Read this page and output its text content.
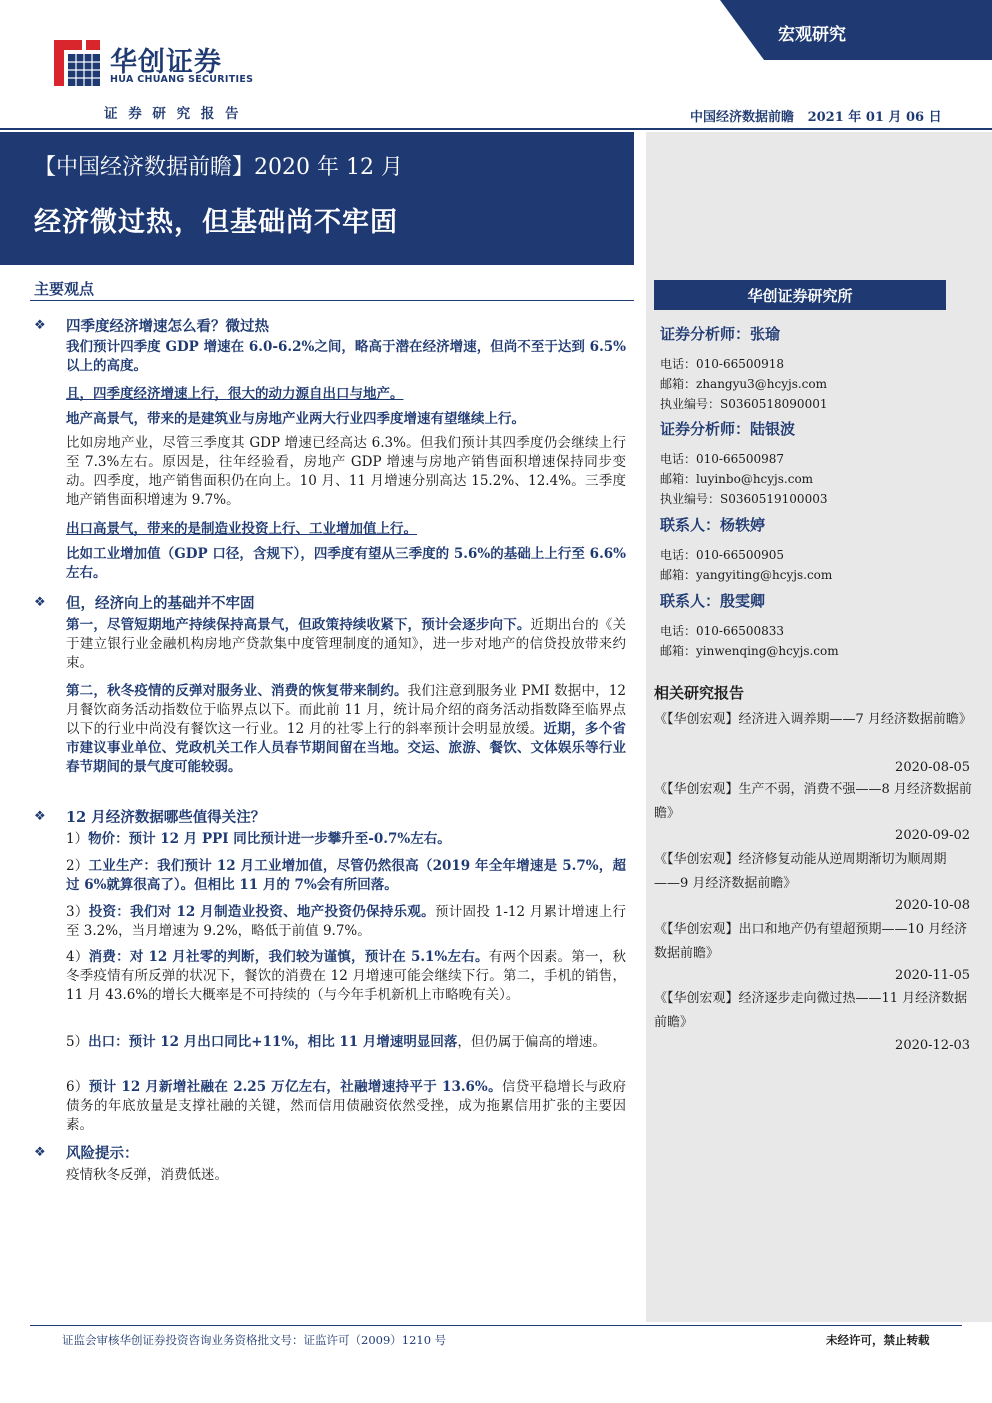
华创证券
HUA CHUANG SECURITIES
证 券 研 究 报 告
宏观研究
中国经济数据前瞻 2021 年 01 月 06 日
【中国经济数据前瞻】2020 年 12 月
经济微过热，但基础尚不牢固
华创证券研究所
证券分析师：张瑜
电话：010-66500918
邮箱：zhangyu3@hcyjs.com
执业编号：S0360518090001
证券分析师：陆银波
电话：010-66500987
邮箱：luyinbo@hcyjs.com
执业编号：S0360519100003
联系人：杨轶婷
电话：010-66500905
邮箱：yangyiting@hcyjs.com
联系人：殷雯卿
电话：010-66500833
邮箱：yinwenqing@hcyjs.com
相关研究报告
《【华创宏观】经济进入调养期——7 月经济数据前瞻》
2020-08-05
《【华创宏观】生产不弱，消费不强——8 月经济数据前瞻》
2020-09-02
《【华创宏观】经济修复动能从逆周期渐切为顺周期——9 月经济数据前瞻》
2020-10-08
《【华创宏观】出口和地产仍有望超预期——10 月经济数据前瞻》
2020-11-05
《【华创宏观】经济逐步走向微过热——11 月经济数据前瞻》
2020-12-03
主要观点
❖ 四季度经济增速怎么看？微过热
我们预计四季度 GDP 增速在 6.0-6.2%之间，略高于潜在经济增速，但尚不至于达到 6.5%以上的高度。
且，四季度经济增速上行，很大的动力源自出口与地产。
地产高景气，带来的是建筑业与房地产业两大行业四季度增速有望继续上行。
比如房地产业，尽管三季度其 GDP 增速已经高达 6.3%。但我们预计其四季度仍会继续上行至 7.3%左右。原因是，往年经验看，房地产 GDP 增速与房地产销售面积增速保持同步变动。四季度，地产销售面积仍在向上。10 月、11 月增速分别高达 15.2%、12.4%。三季度地产销售面积增速为 9.7%。
出口高景气，带来的是制造业投资上行、工业增加值上行。
比如工业增加值（GDP 口径，含规下），四季度有望从三季度的 5.6%的基础上上行至 6.6%左右。
❖ 但，经济向上的基础并不牢固
第一，尽管短期地产持续保持高景气，但政策持续收紧下，预计会逐步向下。近期出台的《关于建立银行业金融机构房地产贷款集中度管理制度的通知》，进一步对地产的信贷投放带来约束。
第二，秋冬疫情的反弹对服务业、消费的恢复带来制约。我们注意到服务业 PMI 数据中，12 月餐饮商务活动指数位于临界点以下。而此前 11 月，统计局介绍的商务活动指数降至临界点以下的行业中尚没有餐饮这一行业。12 月的社零上行的斜率预计会明显放缓。近期，多个省市建议事业单位、党政机关工作人员春节期间留在当地。交运、旅游、餐饮、文体娱乐等行业春节期间的景气度可能较弱。
❖ 12 月经济数据哪些值得关注？
1）物价：预计 12 月 PPI 同比预计进一步攀升至-0.7%左右。
2）工业生产：我们预计 12 月工业增加值，尽管仍然很高（2019 年全年增速是 5.7%，超过 6%就算很高了）。但相比 11 月的 7%会有所回落。
3）投资：我们对 12 月制造业投资、地产投资仍保持乐观。预计固投 1-12 月累计增速上行至 3.2%，当月增速为 9.2%，略低于前值 9.7%。
4）消费：对 12 月社零的判断，我们较为谨慎，预计在 5.1%左右。有两个因素。第一，秋冬季疫情有所反弹的状况下，餐饮的消费在 12 月增速可能会继续下行。第二，手机的销售，11 月 43.6%的增长大概率是不可持续的（与今年手机新机上市略晚有关）。
5）出口：预计 12 月出口同比+11%，相比 11 月增速明显回落，但仍属于偏高的增速。
6）预计 12 月新增社融在 2.25 万亿左右，社融增速持平于 13.6%。信贷平稳增长与政府债务的年底放量是支撑社融的关键，然而信用债融资依然受挫，成为拖累信用扩张的主要因素。
❖ 风险提示：
疫情秋冬反弹，消费低迷。
证监会审核华创证券投资咨询业务资格批文号：证监许可（2009）1210 号	未经许可，禁止转载
